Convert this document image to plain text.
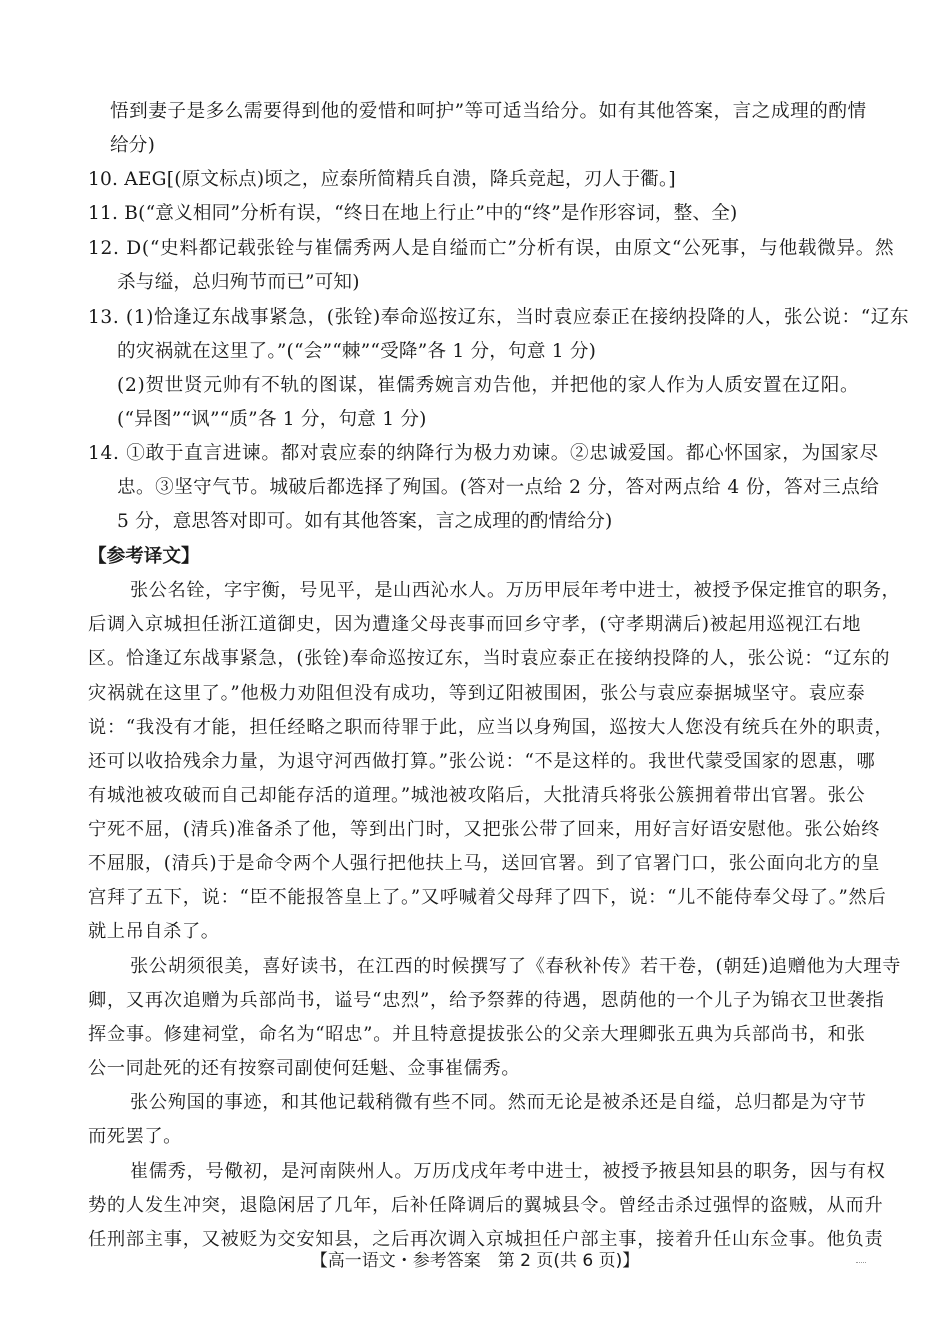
悟到妻子是多么需要得到他的爱惜和呵护”等可适当给分。如有其他答案，言之成理的酌情
给分)
10. AEG[(原文标点)顷之，应泰所简精兵自溃，降兵竞起，刃人于衢。]
11. B(“意义相同”分析有误，“终日在地上行止”中的“终”是作形容词，整、全)
12. D(“史料都记载张铨与崔儒秀两人是自缢而亡”分析有误，由原文“公死事，与他载微异。然
杀与缢，总归殉节而已”可知)
13. (1)恰逢辽东战事紧急，(张铨)奉命巡按辽东，当时袁应泰正在接纳投降的人，张公说：“辽东
的灾祸就在这里了。”(“会”“棘”“受降”各 1 分，句意 1 分)
(2)贺世贤元帅有不轨的图谋，崔儒秀婉言劝告他，并把他的家人作为人质安置在辽阳。
(“异图”“讽”“质”各 1 分，句意 1 分)
14. ①敢于直言进谏。都对袁应泰的纳降行为极力劝谏。②忠诚爱国。都心怀国家，为国家尽
忠。③坚守气节。城破后都选择了殉国。(答对一点给 2 分，答对两点给 4 份，答对三点给
5 分，意思答对即可。如有其他答案，言之成理的酌情给分)
【参考译文】
张公名铨，字宇衡，号见平，是山西沁水人。万历甲辰年考中进士，被授予保定推官的职务，
后调入京城担任浙江道御史，因为遭逢父母丧事而回乡守孝，(守孝期满后)被起用巡视江右地
区。恰逢辽东战事紧急，(张铨)奉命巡按辽东，当时袁应泰正在接纳投降的人，张公说：“辽东的
灾祸就在这里了。”他极力劝阻但没有成功，等到辽阳被围困，张公与袁应泰据城坚守。袁应泰
说：“我没有才能，担任经略之职而待罪于此，应当以身殉国，巡按大人您没有统兵在外的职责，
还可以收拾残余力量，为退守河西做打算。”张公说：“不是这样的。我世代蒙受国家的恩惠，哪
有城池被攻破而自己却能存活的道理。”城池被攻陷后，大批清兵将张公簇拥着带出官署。张公
宁死不屈，(清兵)准备杀了他，等到出门时，又把张公带了回来，用好言好语安慰他。张公始终
不屈服，(清兵)于是命令两个人强行把他扶上马，送回官署。到了官署门口，张公面向北方的皇
宫拜了五下，说：“臣不能报答皇上了。”又呼喊着父母拜了四下，说：“儿不能侍奉父母了。”然后
就上吊自杀了。
张公胡须很美，喜好读书，在江西的时候撰写了《春秋补传》若干卷，(朝廷)追赠他为大理寺
卿，又再次追赠为兵部尚书，谥号“忠烈”，给予祭葬的待遇，恩荫他的一个儿子为锦衣卫世袭指
挥佥事。修建祠堂，命名为“昭忠”。并且特意提拔张公的父亲大理卿张五典为兵部尚书，和张
公一同赴死的还有按察司副使何廷魁、佥事崔儒秀。
张公殉国的事迹，和其他记载稍微有些不同。然而无论是被杀还是自缢，总归都是为守节
而死罢了。
崔儒秀，号儆初，是河南陕州人。万历戊戌年考中进士，被授予掖县知县的职务，因与有权
势的人发生冲突，退隐闲居了几年，后补任降调后的翼城县令。曾经击杀过强悍的盗贼，从而升
任刑部主事，又被贬为交安知县，之后再次调入京城担任户部主事，接着升任山东佥事。他负责
【高一语文・参考答案　第 2 页(共 6 页)】
